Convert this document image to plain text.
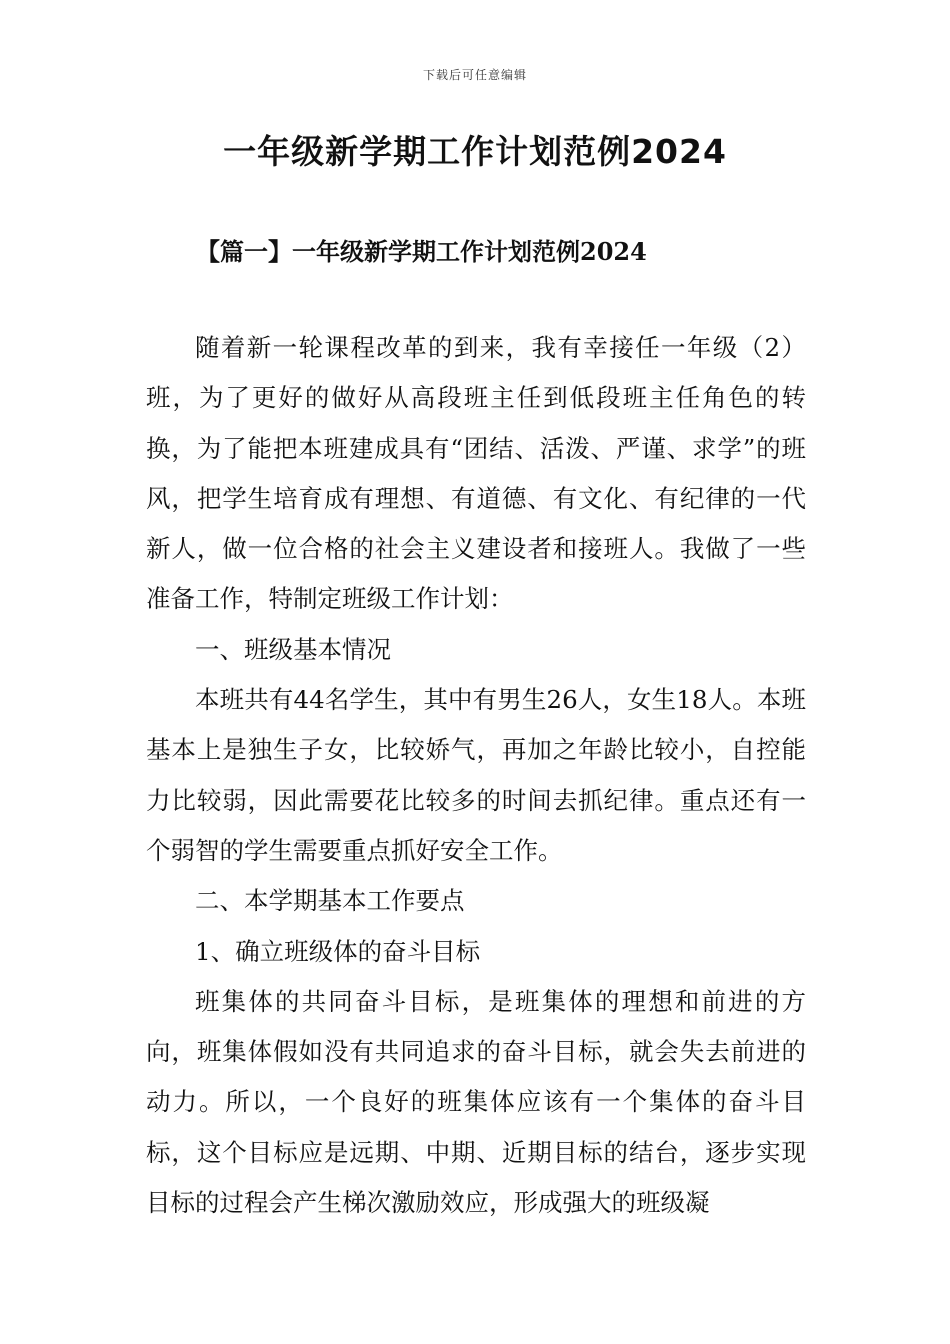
下载后可任意编辑
一年级新学期工作计划范例2024
【篇一】一年级新学期工作计划范例2024

随着新一轮课程改革的到来，我有幸接任一年级（2）班，为了更好的做好从高段班主任到低段班主任角色的转换，为了能把本班建成具有“团结、活泼、严谨、求学”的班风，把学生培育成有理想、有道德、有文化、有纪律的一代新人，做一位合格的社会主义建设者和接班人。我做了一些准备工作，特制定班级工作计划：

一、班级基本情况

本班共有44名学生，其中有男生26人，女生18人。本班基本上是独生子女，比较娇气，再加之年龄比较小，自控能力比较弱，因此需要花比较多的时间去抓纪律。重点还有一个弱智的学生需要重点抓好安全工作。

二、本学期基本工作要点

1、确立班级体的奋斗目标

班集体的共同奋斗目标，是班集体的理想和前进的方向，班集体假如没有共同追求的奋斗目标，就会失去前进的动力。所以，一个良好的班集体应该有一个集体的奋斗目标，这个目标应是远期、中期、近期目标的结台，逐步实现目标的过程会产生梯次激励效应，形成强大的班级凝
